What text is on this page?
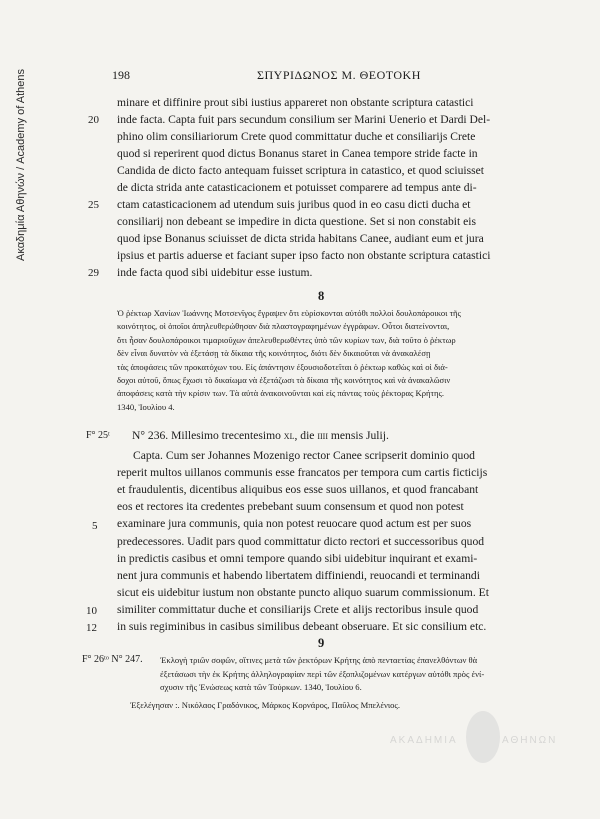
Ακαδημία Αθηνών / Academy of Athens	198	ΣΠΥΡΙΔΩΝΟΣ Μ. ΘΕΟΤΟΚΗ
minare et diffinire prout sibi iustius appareret non obstante scriptura catastici
inde facta. Capta fuit pars secundum consilium ser Marini Uenerio et Dardi Del-
phino olim consiliariorum Crete quod committatur duche et consiliarijs Crete
quod si reperirent quod dictus Bonanus staret in Canea tempore stride facte in
Candida de dicto facto antequam fuisset scriptura in catastico, et quod sciuisset
de dicta strida ante catasticacionem et potuisset comparere ad tempus ante di-
ctam catasticacionem ad utendum suis juribus quod in eo casu dicti ducha et
consiliarij non debeant se impedire in dicta questione. Set si non constabit eis
quod ipse Bonanus sciuisset de dicta strida habitans Canee, audiant eum et jura
ipsius et partis aduerse et faciant super ipso facto non obstante scriptura catastici
inde facta quod sibi uidebitur esse iustum.
20
25
29
8
Ὁ ῥέκτωρ Χανίων Ἰωάννης Μοτσενῖγος ἔγραψεν ὅτι εὑρίσκονται αὐτόθι πολλοὶ δουλοπάροικοι τῆς
κοινότητος, οἱ ὁποῖοι ἀπηλευθερώθησαν διὰ πλαστογραφημένων ἐγγράφων. Οὗτοι διατείνονται,
ὅτι ἦσαν δουλοπάροικοι τιμαριοῦχων ἀπελευθερωθέντες ὑπὸ τῶν κυρίων των, διὰ τοῦτο ὁ ῥέκτωρ
δὲν εἶναι δυνατὸν νὰ ἐξετάσῃ τὰ δίκαια τῆς κοινότητος, διότι δὲν δικαιοῦται νὰ ἀνακαλέσῃ
τὰς ἀποφάσεις τῶν προκατόχων του. Εἰς ἀπάντησιν ἐξουσιοδοτεῖται ὁ ῥέκτωρ καθὼς καὶ οἱ διά-
δοχοι αὐτοῦ, ὅπως ἔχωσι τὸ δικαίωμα νὰ ἐξετάζωσι τὰ δίκαια τῆς κοινότητος καὶ νὰ ἀνακαλῶσιν
ἀποφάσεις κατὰ τὴν κρίσιν των. Τὰ αὐτὰ ἀνακοινοῦνται καὶ εἰς πάντας τοὺς ῥέκτορας Κρήτης.
1340, Ἰουλίου 4.
F° 25ᵗ N° 236. Millesimo trecentesimo xl, die iiii mensis Julij.
Capta. Cum ser Johannes Mozenigo rector Canee scripserit dominio quod
reperit multos uillanos communis esse francatos per tempora cum cartis ficticijs
et fraudulentis, dicentibus aliquibus eos esse suos uillanos, et quod francabant
eos et rectores ita credentes prebebant suum consensum et quod non potest
examinare jura communis, quia non potest reuocare quod actum est per suos
predecessores. Uadit pars quod committatur dicto rectori et successoribus quod
in predictis casibus et omni tempore quando sibi uidebitur inquirant et exami-
nent jura communis et habendo libertatem diffiniendi, reuocandi et terminandi
sicut eis uidebitur iustum non obstante puncto aliquo suarum commissionum. Et
similiter committatur duche et consiliarijs Crete et alijs rectoribus insule quod
in suis regiminibus in casibus similibus debeant obseruare. Et sic consilium etc.
5
10
12
9
F° 26ᵗᵒ N° 247. Ἐκλογὴ τριῶν σοφῶν, οἵτινες μετὰ τῶν ῥεκτόρων Κρήτης ἀπὸ πενταετίας ἐπανελθόντων θὰ
ἐξετάσωσι τὴν ἐκ Κρήτης ἀλληλογραφίαν περὶ τῶν ἐξοπλιζομένων κατέργων αὐτόθι πρὸς ἐνί-
σχυσιν τῆς Ἑνώσεως κατὰ τῶν Τούρκων. 1340, Ἰουλίου 6.
Ἐξελέγησαν :. Νικόλαος Γραδόνικος, Μάρκος Κορνάρος, Παῦλος Μπελένιος.
ΑΚΑΔΗΜΙΑ	ΑΘΗΝΩΝ
